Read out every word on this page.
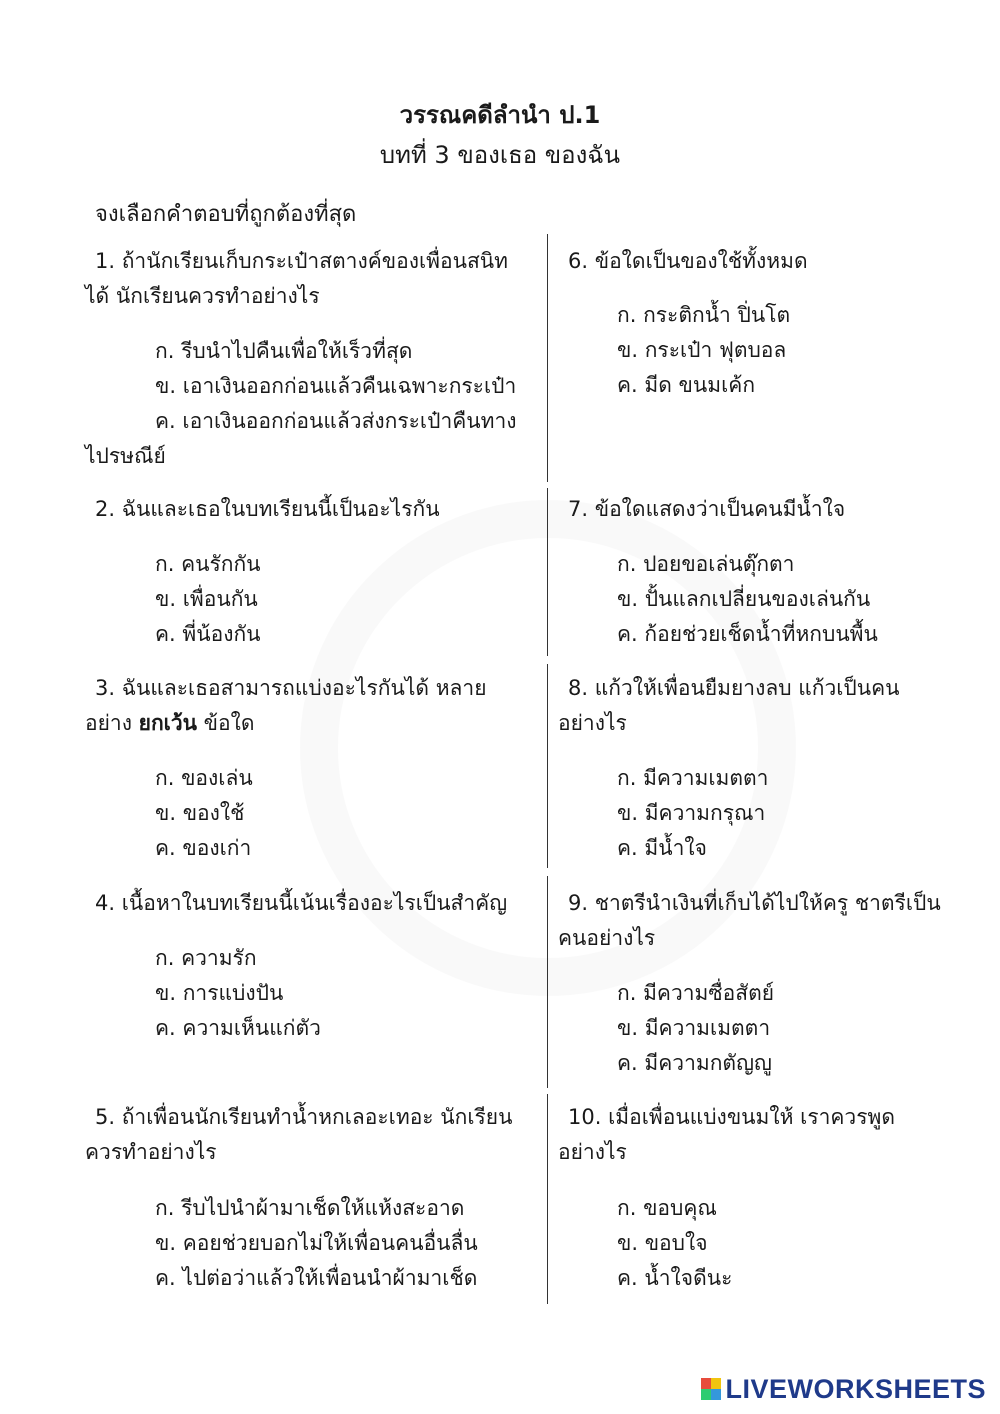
วรรณคดีลำนำ ป.1
บทที่ 3 ของเธอ ของฉัน
จงเลือกคำตอบที่ถูกต้องที่สุด
1. ถ้านักเรียนเก็บกระเป๋าสตางค์ของเพื่อนสนิท
ได้ นักเรียนควรทำอย่างไร
ก. รีบนำไปคืนเพื่อให้เร็วที่สุด
ข. เอาเงินออกก่อนแล้วคืนเฉพาะกระเป๋า
ค. เอาเงินออกก่อนแล้วส่งกระเป๋าคืนทาง
ไปรษณีย์
2. ฉันและเธอในบทเรียนนี้เป็นอะไรกัน
ก. คนรักกัน
ข. เพื่อนกัน
ค. พี่น้องกัน
3. ฉันและเธอสามารถแบ่งอะไรกันได้ หลาย
อย่าง ยกเว้น ข้อใด
ก. ของเล่น
ข. ของใช้
ค. ของเก่า
4. เนื้อหาในบทเรียนนี้เน้นเรื่องอะไรเป็นสำคัญ
ก. ความรัก
ข. การแบ่งปัน
ค. ความเห็นแก่ตัว
5. ถ้าเพื่อนนักเรียนทำน้ำหกเลอะเทอะ นักเรียน
ควรทำอย่างไร
ก. รีบไปนำผ้ามาเช็ดให้แห้งสะอาด
ข. คอยช่วยบอกไม่ให้เพื่อนคนอื่นลื่น
ค. ไปต่อว่าแล้วให้เพื่อนนำผ้ามาเช็ด
6. ข้อใดเป็นของใช้ทั้งหมด
ก. กระติกน้ำ ปิ่นโต
ข. กระเป๋า ฟุตบอล
ค. มีด ขนมเค้ก
7. ข้อใดแสดงว่าเป็นคนมีน้ำใจ
ก. ปอยขอเล่นตุ๊กตา
ข. ปั้นแลกเปลี่ยนของเล่นกัน
ค. ก้อยช่วยเช็ดน้ำที่หกบนพื้น
8. แก้วให้เพื่อนยืมยางลบ แก้วเป็นคน
อย่างไร
ก. มีความเมตตา
ข. มีความกรุณา
ค. มีน้ำใจ
9. ชาตรีนำเงินที่เก็บได้ไปให้ครู ชาตรีเป็น
คนอย่างไร
ก. มีความซื่อสัตย์
ข. มีความเมตตา
ค. มีความกตัญญู
10. เมื่อเพื่อนแบ่งขนมให้ เราควรพูด
อย่างไร
ก. ขอบคุณ
ข. ขอบใจ
ค. น้ำใจดีนะ
LIVEWORKSHEETS
